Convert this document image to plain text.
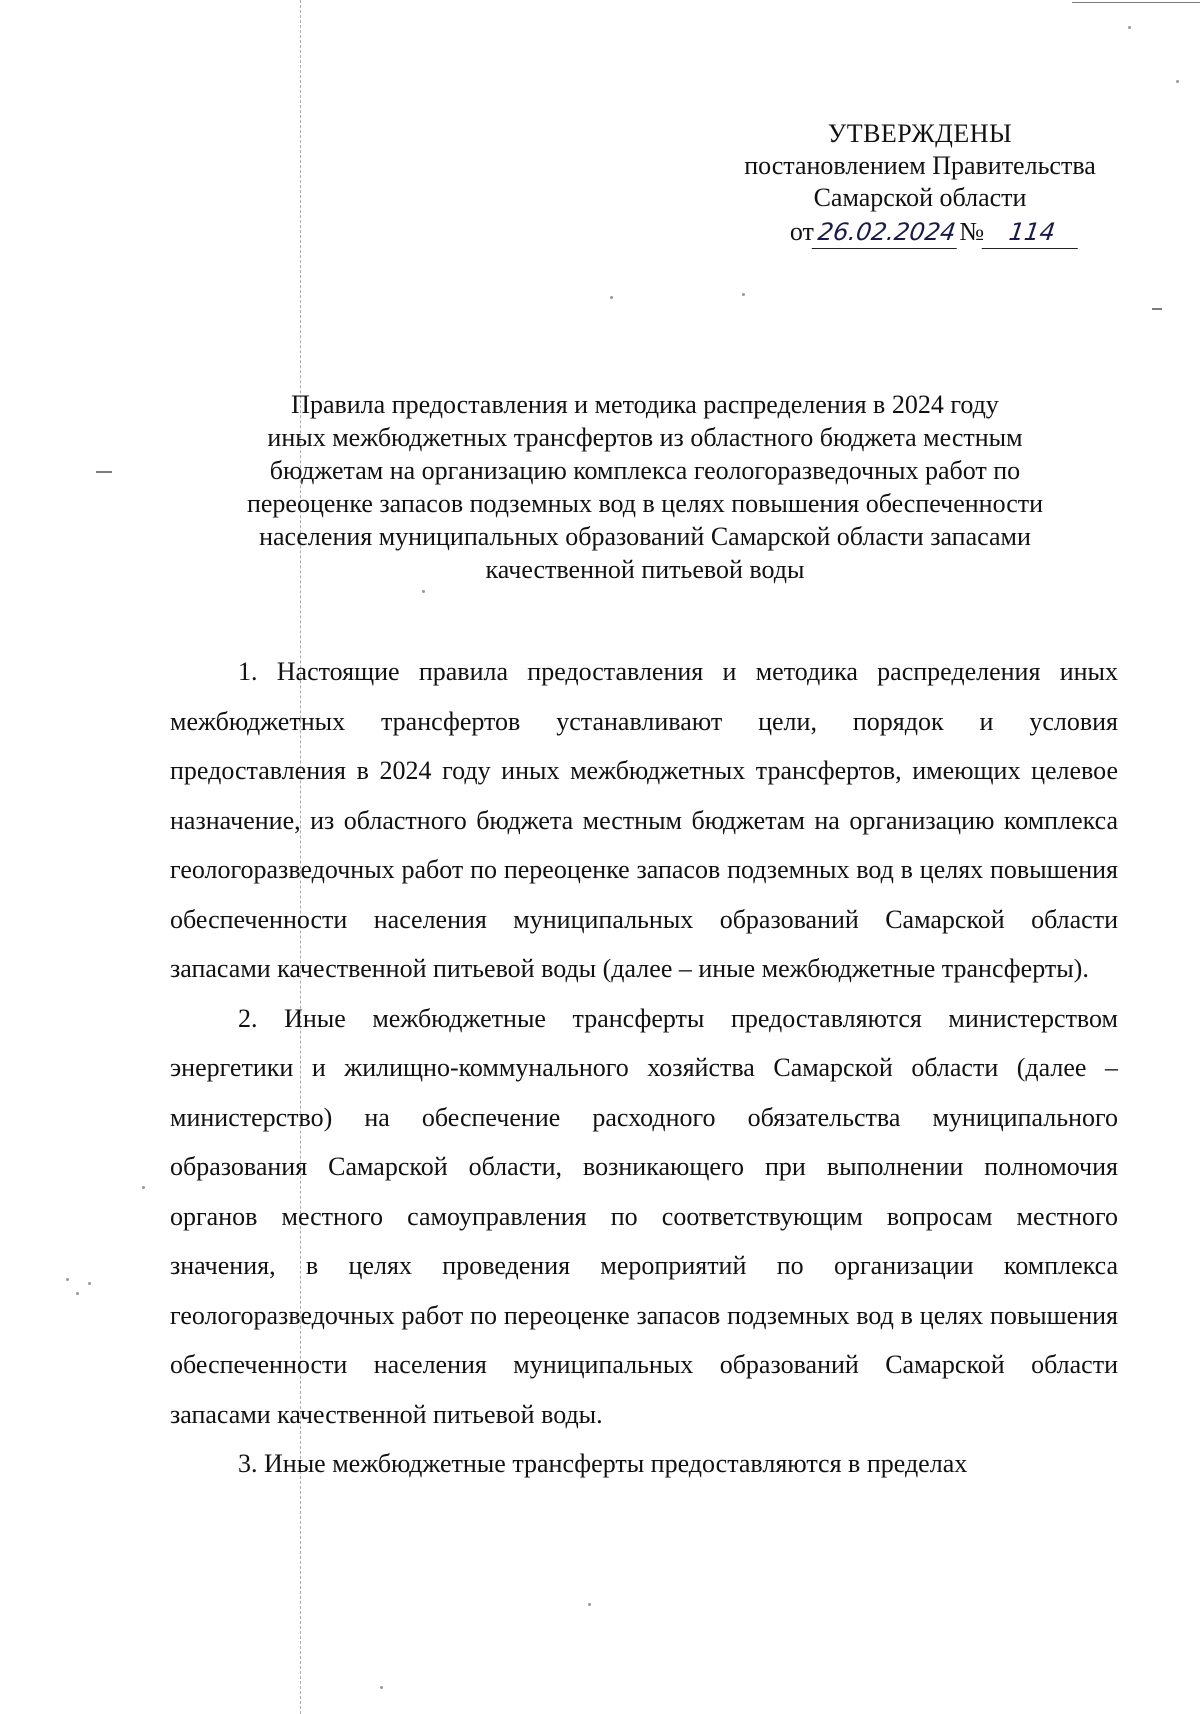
УТВЕРЖДЕНЫ
постановлением Правительства
Самарской области
от 26.02.2024 № 114
Правила предоставления и методика распределения в 2024 году
иных межбюджетных трансфертов из областного бюджета местным
бюджетам на организацию комплекса геологоразведочных работ по
переоценке запасов подземных вод в целях повышения обеспеченности
населения муниципальных образований Самарской области запасами
качественной питьевой воды

1. Настоящие правила предоставления и методика распределения иных межбюджетных трансфертов устанавливают цели, порядок и условия предоставления в 2024 году иных межбюджетных трансфертов, имеющих целевое назначение, из областного бюджета местным бюджетам на организацию комплекса геологоразведочных работ по переоценке запасов подземных вод в целях повышения обеспеченности населения муниципальных образований Самарской области запасами качественной питьевой воды (далее – иные межбюджетные трансферты).

2. Иные межбюджетные трансферты предоставляются министерством энергетики и жилищно-коммунального хозяйства Самарской области (далее – министерство) на обеспечение расходного обязательства муниципального образования Самарской области, возникающего при выполнении полномочия органов местного самоуправления по соответствующим вопросам местного значения, в целях проведения мероприятий по организации комплекса геологоразведочных работ по переоценке запасов подземных вод в целях повышения обеспеченности населения муниципальных образований Самарской области запасами качественной питьевой воды.

3. Иные межбюджетные трансферты предоставляются в пределах
